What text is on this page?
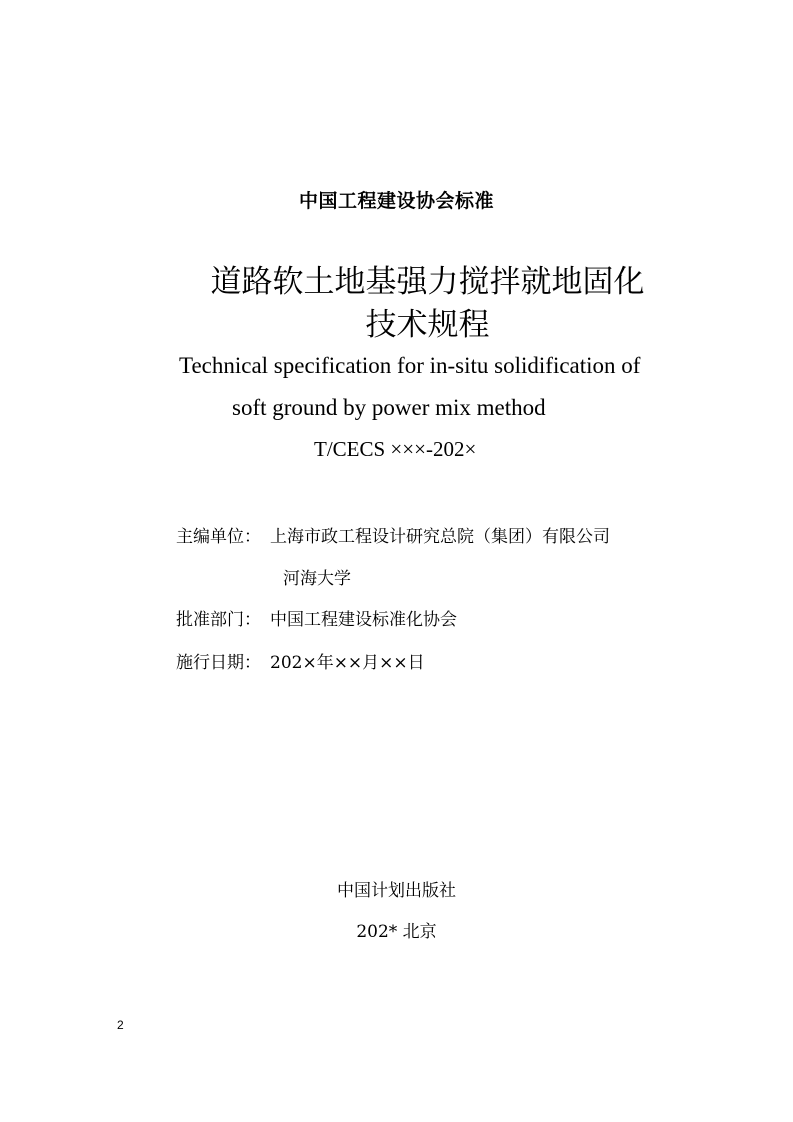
中国工程建设协会标准
道路软土地基强力搅拌就地固化
技术规程
Technical specification for in-situ solidification of
soft ground by power mix method
T/CECS ×××-202×
主编单位： 上海市政工程设计研究总院（集团）有限公司
河海大学
批准部门： 中国工程建设标准化协会
施行日期： 202×年××月××日
中国计划出版社
202* 北京
2
